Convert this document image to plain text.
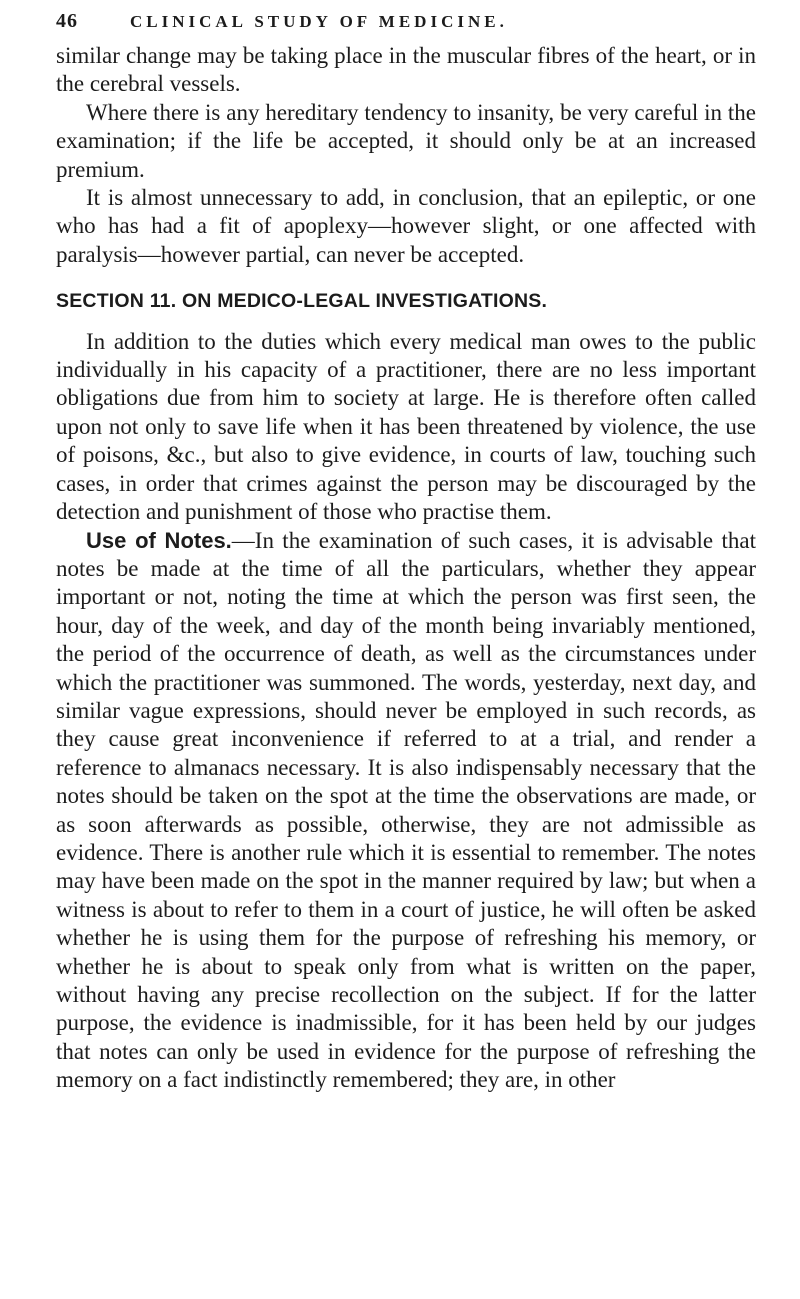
46	CLINICAL STUDY OF MEDICINE.

similar change may be taking place in the muscular fibres of the heart, or in the cerebral vessels.

Where there is any hereditary tendency to insanity, be very careful in the examination; if the life be accepted, it should only be at an increased premium.

It is almost unnecessary to add, in conclusion, that an epileptic, or one who has had a fit of apoplexy—however slight, or one affected with paralysis—however partial, can never be accepted.

SECTION 11. ON MEDICO-LEGAL INVESTIGATIONS.

In addition to the duties which every medical man owes to the public individually in his capacity of a practitioner, there are no less important obligations due from him to society at large. He is therefore often called upon not only to save life when it has been threatened by violence, the use of poisons, &c., but also to give evidence, in courts of law, touching such cases, in order that crimes against the person may be discouraged by the detection and punishment of those who practise them.

Use of Notes.—In the examination of such cases, it is advisable that notes be made at the time of all the particulars, whether they appear important or not, noting the time at which the person was first seen, the hour, day of the week, and day of the month being invariably mentioned, the period of the occurrence of death, as well as the circumstances under which the practitioner was summoned. The words, yesterday, next day, and similar vague expressions, should never be employed in such records, as they cause great inconvenience if referred to at a trial, and render a reference to almanacs necessary. It is also indispensably necessary that the notes should be taken on the spot at the time the observations are made, or as soon afterwards as possible, otherwise, they are not admissible as evidence. There is another rule which it is essential to remember. The notes may have been made on the spot in the manner required by law; but when a witness is about to refer to them in a court of justice, he will often be asked whether he is using them for the purpose of refreshing his memory, or whether he is about to speak only from what is written on the paper, without having any precise recollection on the subject. If for the latter purpose, the evidence is inadmissible, for it has been held by our judges that notes can only be used in evidence for the purpose of refreshing the memory on a fact indistinctly remembered; they are, in other
